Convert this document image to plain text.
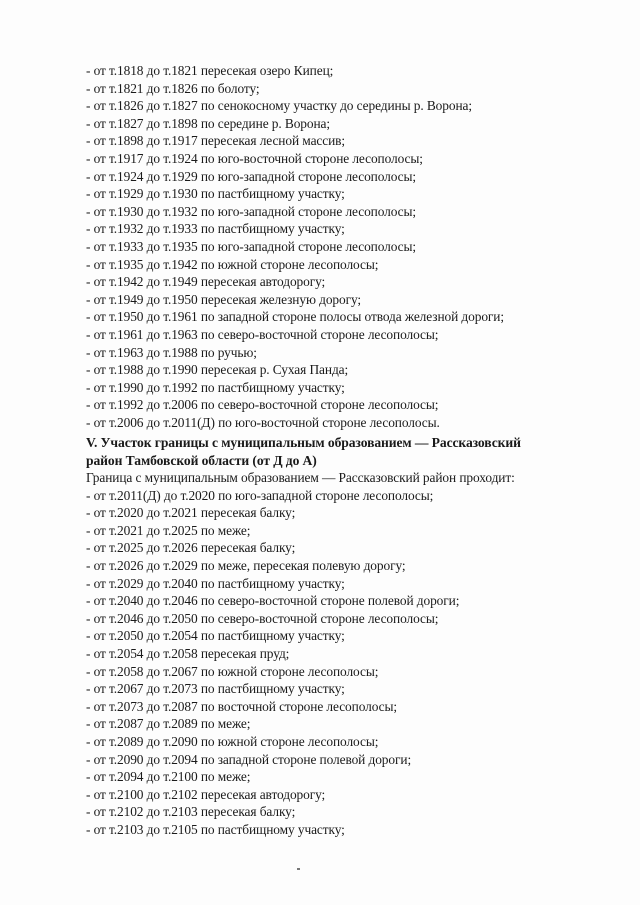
- от т.1818 до т.1821 пересекая озеро Кипец;
- от т.1821 до т.1826 по болоту;
- от т.1826 до т.1827 по сенокосному участку до середины р. Ворона;
- от т.1827 до т.1898 по середине р. Ворона;
- от т.1898 до т.1917 пересекая лесной массив;
- от т.1917 до т.1924 по юго-восточной стороне лесополосы;
- от т.1924 до т.1929 по юго-западной стороне лесополосы;
- от т.1929 до т.1930 по пастбищному участку;
- от т.1930 до т.1932 по юго-западной стороне лесополосы;
- от т.1932 до т.1933 по пастбищному участку;
- от т.1933 до т.1935 по юго-западной стороне лесополосы;
- от т.1935 до т.1942 по южной стороне лесополосы;
- от т.1942 до т.1949 пересекая автодорогу;
- от т.1949 до т.1950 пересекая железную дорогу;
- от т.1950 до т.1961 по западной стороне полосы отвода железной дороги;
- от т.1961 до т.1963 по северо-восточной стороне лесополосы;
- от т.1963 до т.1988 по ручью;
- от т.1988 до т.1990 пересекая р. Сухая Панда;
- от т.1990 до т.1992 по пастбищному участку;
- от т.1992 до т.2006 по северо-восточной стороне лесополосы;
- от т.2006 до т.2011(Д) по юго-восточной стороне лесополосы.
V. Участок границы с муниципальным образованием — Рассказовский
район Тамбовской области (от Д до А)
Граница с муниципальным образованием — Рассказовский район проходит:
- от т.2011(Д) до т.2020 по юго-западной стороне лесополосы;
- от т.2020 до т.2021 пересекая балку;
- от т.2021 до т.2025 по меже;
- от т.2025 до т.2026 пересекая балку;
- от т.2026 до т.2029 по меже, пересекая полевую дорогу;
- от т.2029 до т.2040 по пастбищному участку;
- от т.2040 до т.2046 по северо-восточной стороне полевой дороги;
- от т.2046 до т.2050 по северо-восточной стороне лесополосы;
- от т.2050 до т.2054 по пастбищному участку;
- от т.2054 до т.2058 пересекая пруд;
- от т.2058 до т.2067 по южной стороне лесополосы;
- от т.2067 до т.2073 по пастбищному участку;
- от т.2073 до т.2087 по восточной стороне лесополосы;
- от т.2087 до т.2089 по меже;
- от т.2089 до т.2090 по южной стороне лесополосы;
- от т.2090 до т.2094 по западной стороне полевой дороги;
- от т.2094 до т.2100 по меже;
- от т.2100 до т.2102 пересекая автодорогу;
- от т.2102 до т.2103 пересекая балку;
- от т.2103 до т.2105 по пастбищному участку;
